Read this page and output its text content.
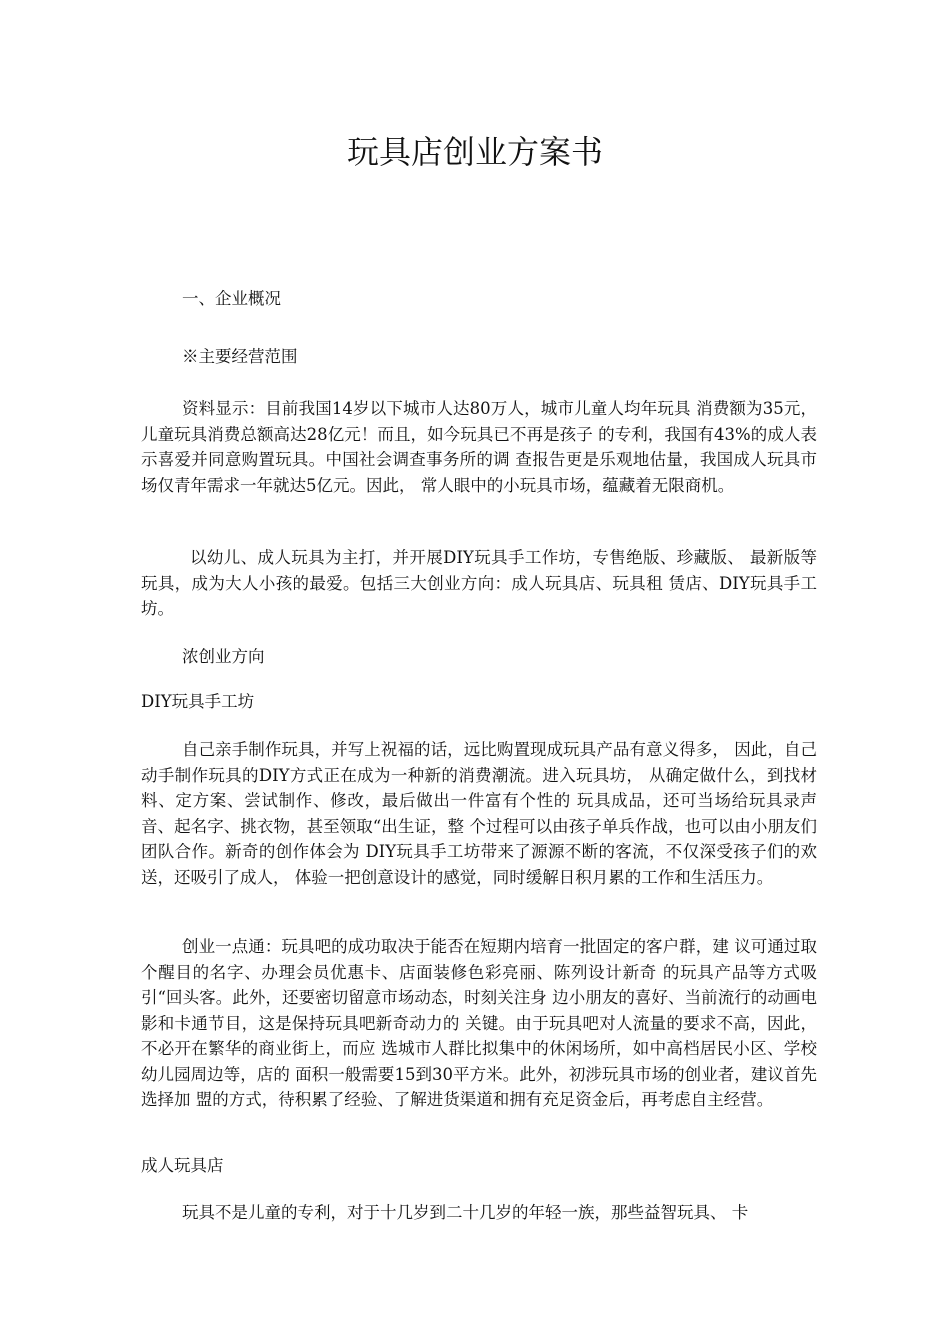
玩具店创业方案书

一、企业概况

※主要经营范围

资料显示：目前我国14岁以下城市人达80万人，城市儿童人均年玩具 消费额为35元，儿童玩具消费总额高达28亿元！而且，如今玩具已不再是孩子 的专利，我国有43%的成人表示喜爱并同意购置玩具。中国社会调查事务所的调 查报告更是乐观地估量，我国成人玩具市场仅青年需求一年就达5亿元。因此， 常人眼中的小玩具市场，蕴藏着无限商机。

以幼儿、成人玩具为主打，并开展DIY玩具手工作坊，专售绝版、珍藏版、 最新版等玩具，成为大人小孩的最爱。包括三大创业方向：成人玩具店、玩具租 赁店、DIY玩具手工坊。

浓创业方向

DIY玩具手工坊

自己亲手制作玩具，并写上祝福的话，远比购置现成玩具产品有意义得多， 因此，自己动手制作玩具的DIY方式正在成为一种新的消费潮流。进入玩具坊， 从确定做什么，到找材料、定方案、尝试制作、修改，最后做出一件富有个性的 玩具成品，还可当场给玩具录声音、起名字、挑衣物，甚至领取“出生证，整 个过程可以由孩子单兵作战，也可以由小朋友们团队合作。新奇的创作体会为 DIY玩具手工坊带来了源源不断的客流，不仅深受孩子们的欢送，还吸引了成人， 体验一把创意设计的感觉，同时缓解日积月累的工作和生活压力。

创业一点通：玩具吧的成功取决于能否在短期内培育一批固定的客户群，建 议可通过取个醒目的名字、办理会员优惠卡、店面装修色彩亮丽、陈列设计新奇 的玩具产品等方式吸引“回头客。此外，还要密切留意市场动态，时刻关注身 边小朋友的喜好、当前流行的动画电影和卡通节目，这是保持玩具吧新奇动力的 关键。由于玩具吧对人流量的要求不高，因此，不必开在繁华的商业街上，而应 选城市人群比拟集中的休闲场所，如中高档居民小区、学校幼儿园周边等，店的 面积一般需要15到30平方米。此外，初涉玩具市场的创业者，建议首先选择加 盟的方式，待积累了经验、了解进货渠道和拥有充足资金后，再考虑自主经营。

成人玩具店

玩具不是儿童的专利，对于十几岁到二十几岁的年轻一族，那些益智玩具、 卡
